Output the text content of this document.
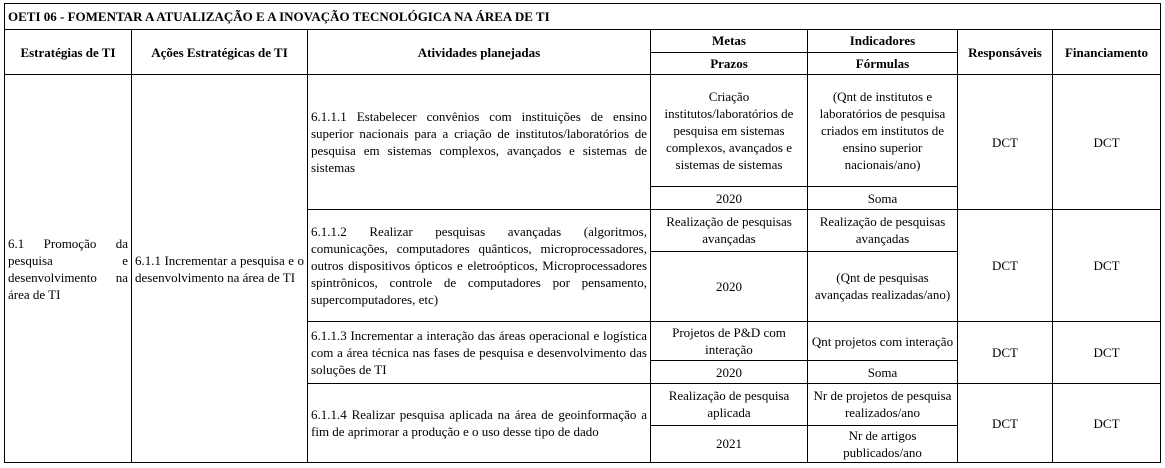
OETI 06 - FOMENTAR A ATUALIZAÇÃO E A INOVAÇÃO TECNOLÓGICA NA ÁREA DE TI						
Estratégias de TI	Ações Estratégicas de TI	Atividades planejadas	Metas	Indicadores	Responsáveis	Financiamento
			Prazos	Fórmulas		
6.1 Promoção da pesquisa e desenvolvimento na área de TI	6.1.1 Incrementar a pesquisa e o desenvolvimento na área de TI	6.1.1.1 Estabelecer convênios com instituições de ensino superior nacionais para a criação de institutos/laboratórios de pesquisa em sistemas complexos, avançados e sistemas de sistemas	Criação institutos/laboratórios de pesquisa em sistemas complexos, avançados e sistemas de sistemas	(Qnt de institutos e laboratórios de pesquisa criados em institutos de ensino superior nacionais/ano)	DCT	DCT
			2020	Soma		
		6.1.1.2 Realizar pesquisas avançadas (algoritmos, comunicações, computadores quânticos, microprocessadores, outros dispositivos ópticos e eletroópticos, Microprocessadores spintrônicos, controle de computadores por pensamento, supercomputadores, etc)	Realização de pesquisas avançadas	Realização de pesquisas avançadas	DCT	DCT
			2020	(Qnt de pesquisas avançadas realizadas/ano)		
		6.1.1.3 Incrementar a interação das áreas operacional e logística com a área técnica nas fases de pesquisa e desenvolvimento das soluções de TI	Projetos de P&D com interação	Qnt projetos com interação	DCT	DCT
			2020	Soma		
		6.1.1.4 Realizar pesquisa aplicada na área de geoinformação a fim de aprimorar a produção e o uso desse tipo de dado	Realização de pesquisa aplicada	Nr de projetos de pesquisa realizados/ano	DCT	DCT
			2021	Nr de artigos publicados/ano		
